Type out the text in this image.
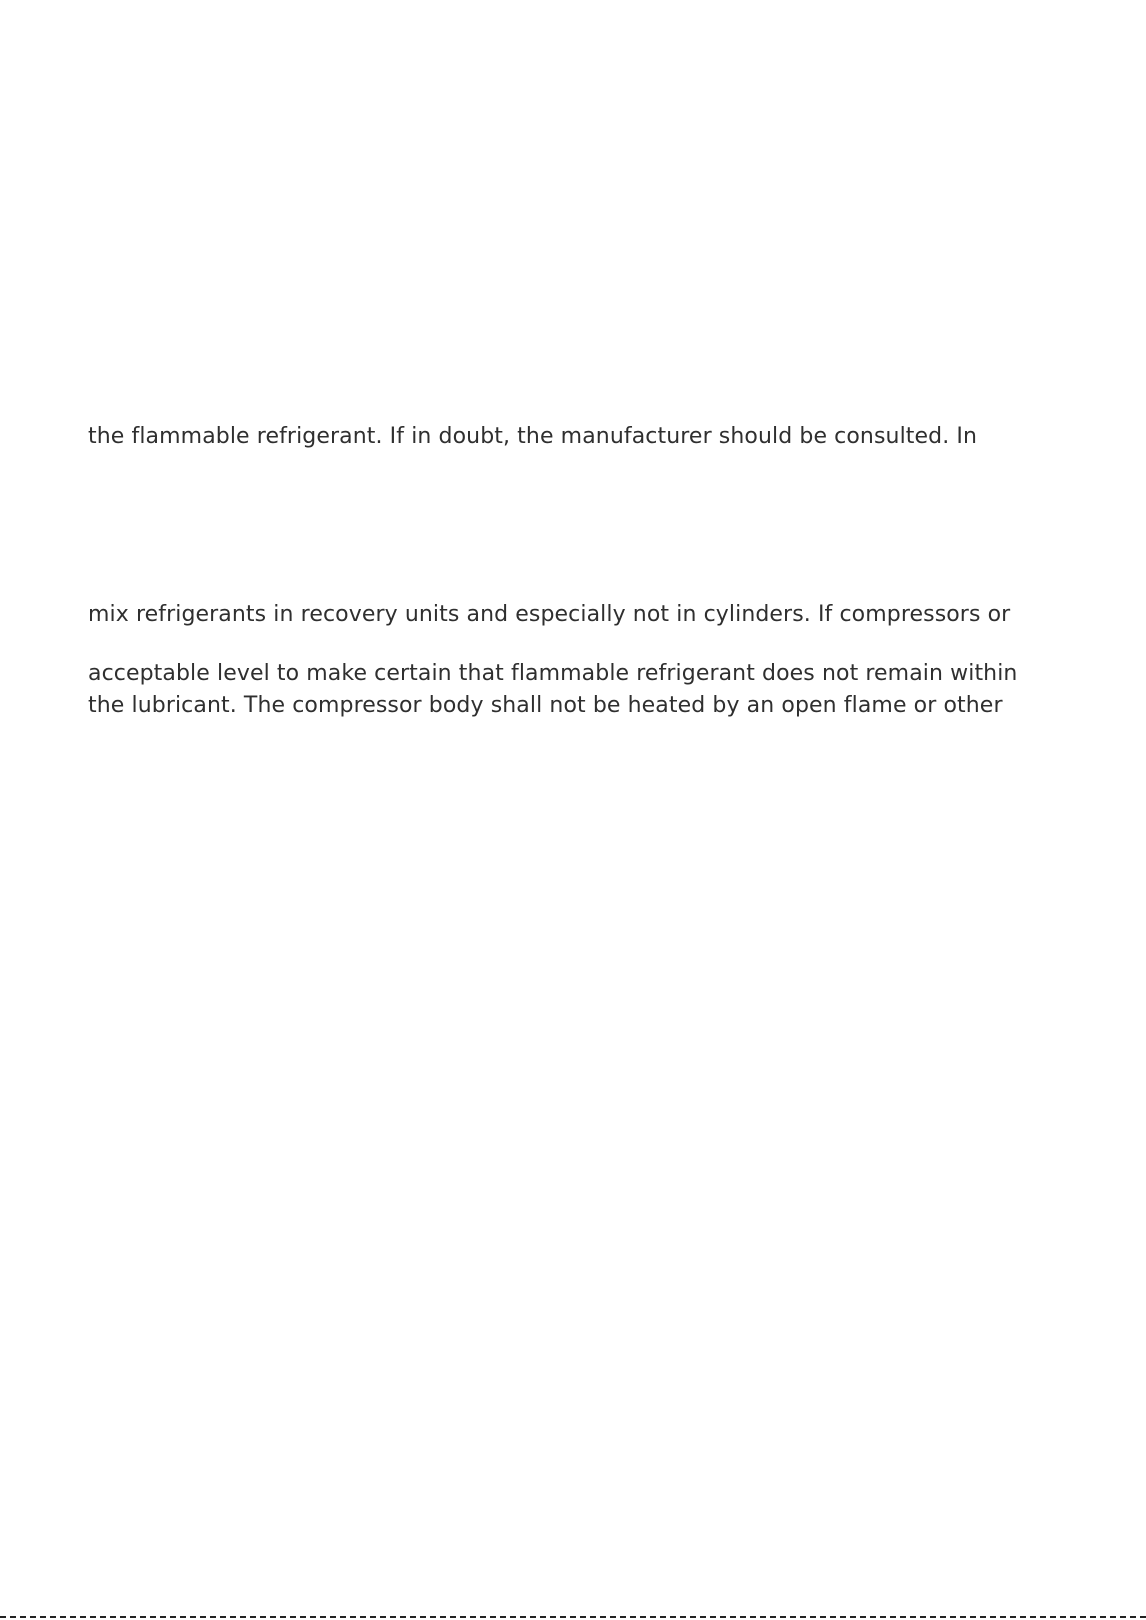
the flammable refrigerant. If in doubt, the manufacturer should be consulted. In
mix refrigerants in recovery units and especially not in cylinders. If compressors or
acceptable level to make certain that flammable refrigerant does not remain within
the lubricant. The compressor body shall not be heated by an open flame or other
